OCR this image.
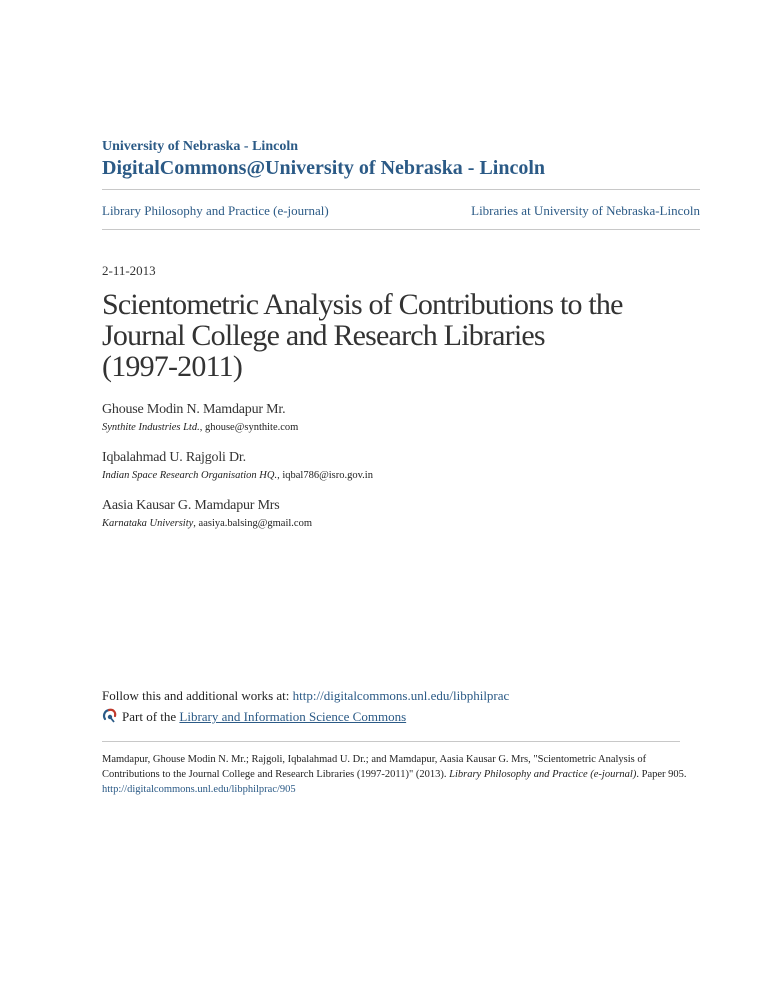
University of Nebraska - Lincoln
DigitalCommons@University of Nebraska - Lincoln
Library Philosophy and Practice (e-journal)	Libraries at University of Nebraska-Lincoln
2-11-2013
Scientometric Analysis of Contributions to the
Journal College and Research Libraries
(1997-2011)
Ghouse Modin N. Mamdapur Mr.
Synthite Industries Ltd., ghouse@synthite.com
Iqbalahmad U. Rajgoli Dr.
Indian Space Research Organisation HQ., iqbal786@isro.gov.in
Aasia Kausar G. Mamdapur Mrs
Karnataka University, aasiya.balsing@gmail.com
Follow this and additional works at: http://digitalcommons.unl.edu/libphilprac
Part of the Library and Information Science Commons
Mamdapur, Ghouse Modin N. Mr.; Rajgoli, Iqbalahmad U. Dr.; and Mamdapur, Aasia Kausar G. Mrs, "Scientometric Analysis of Contributions to the Journal College and Research Libraries (1997-2011)" (2013). Library Philosophy and Practice (e-journal). Paper 905.
http://digitalcommons.unl.edu/libphilprac/905
